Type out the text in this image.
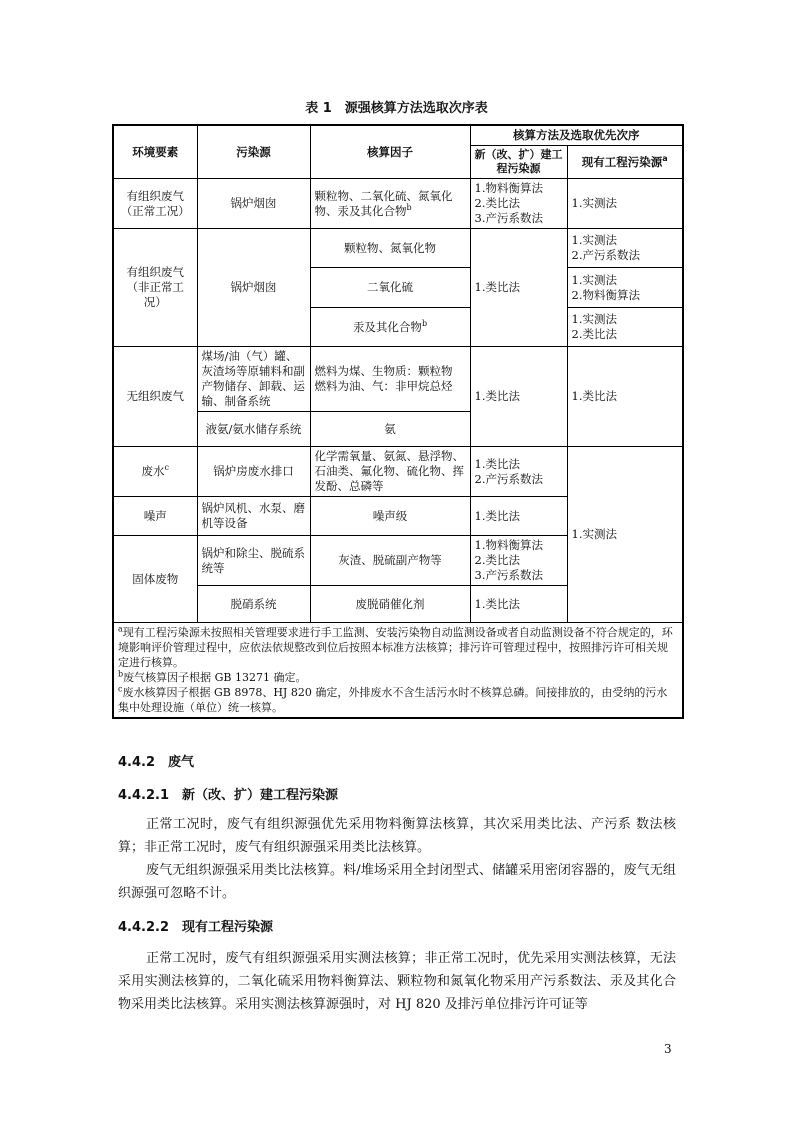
表 1　源强核算方法选取次序表
环境要素	污染源	核算因子	核算方法及选取优先次序	
			新（改、扩）建工程污染源	现有工程污染源$^a$
有组织废气（正常工况）	锅炉烟囱	颗粒物、二氧化硫、氮氧化物、汞及其化合物$^b$	1.物料衡算法
2.类比法
3.产污系数法	1.实测法
有组织废气（非正常工况）	锅炉烟囱	颗粒物、氮氧化物	1.类比法	1.实测法
2.产污系数法

		二氧化硫		1.实测法
2.物料衡算法

		汞及其化合物$^b$		1.实测法
2.类比法

无组织废气	煤场/油（气）罐、灰渣场等原辅料和副产物储存、卸载、运输、制备系统	燃料为煤、生物质：颗粒物
燃料为油、气：非甲烷总烃	1.类比法	1.类比法
	液氨/氨水储存系统	氨		
废水$^c$	锅炉房废水排口	化学需氧量、氨氮、悬浮物、石油类、氟化物、硫化物、挥发酚、总磷等	1.类比法
2.产污系数法	1.实测法
噪声	锅炉风机、水泵、磨机等设备	噪声级	1.类比法	
固体废物	锅炉和除尘、脱硫系统等	灰渣、脱硫副产物等	1.物料衡算法
2.类比法
3.产污系数法	

	脱硝系统	废脱硝催化剂	1.类比法	

$^a$现有工程污染源未按照相关管理要求进行手工监测、安装污染物自动监测设备或者自动监测设备不符合规定的，环境影响评价管理过程中，应依法依规整改到位后按照本标准方法核算；排污许可管理过程中，按照排污许可相关规定进行核算。
$^b$废气核算因子根据 GB 13271 确定。
$^c$废水核算因子根据 GB 8978、HJ 820 确定，外排废水不含生活污水时不核算总磷。间接排放的，由受纳的污水集中处理设施（单位）统一核算。				
4.4.2　废气
4.4.2.1　新（改、扩）建工程污染源
正常工况时，废气有组织源强优先采用物料衡算法核算，其次采用类比法、产污系 数法核算；非正常工况时，废气有组织源强采用类比法核算。
废气无组织源强采用类比法核算。料/堆场采用全封闭型式、储罐采用密闭容器的，废气无组织源强可忽略不计。
4.4.2.2　现有工程污染源
正常工况时，废气有组织源强采用实测法核算；非正常工况时，优先采用实测法核算，无法采用实测法核算的，二氧化硫采用物料衡算法、颗粒物和氮氧化物采用产污系数法、汞及其化合物采用类比法核算。采用实测法核算源强时，对 HJ 820 及排污单位排污许可证等
3
